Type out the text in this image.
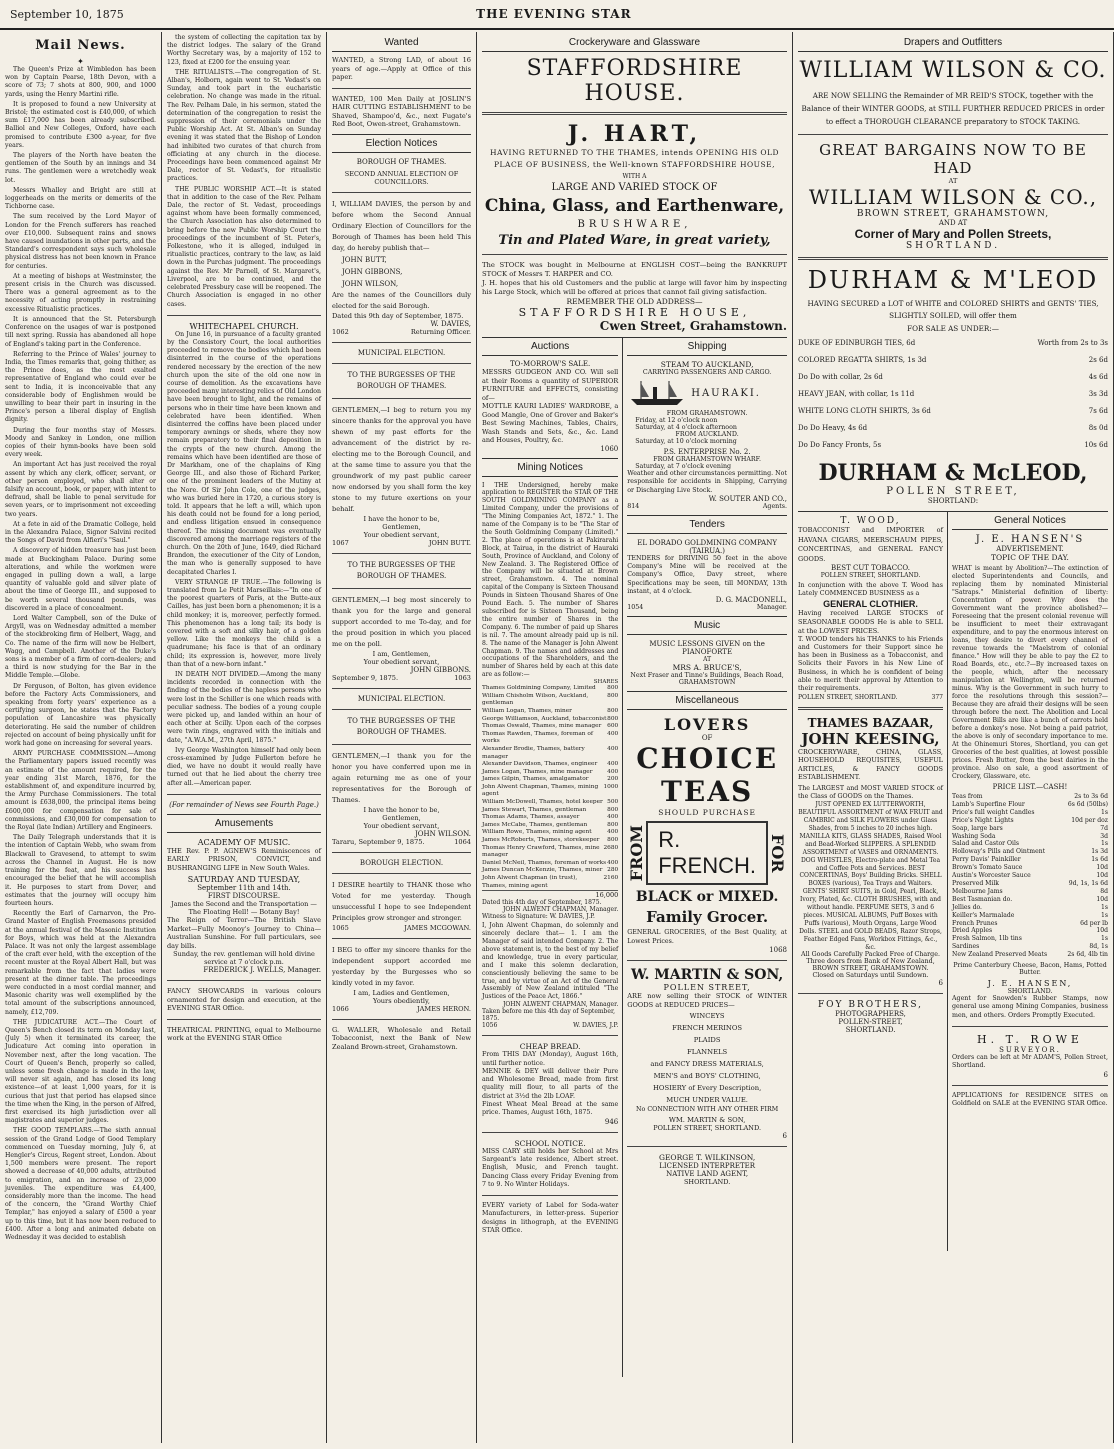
September 10, 1875	THE EVENING STAR
Mail News.
✦

The Queen's Prize at Wimbledon has been won by Captain Pearse, 18th Devon, with a score of 73; 7 shots at 800, 900, and 1000 yards, using the Henry Martini rifle.

It is proposed to found a new University at Bristol; the estimated cost is £40,000, of which sum £17,000 has been already subscribed. Balliol and New Colleges, Oxford, have each promised to contribute £300 a-year, for five years.

The players of the North have beaten the gentlemen of the South by an innings and 34 runs. The gentlemen were a wretchedly weak lot.

Messrs Whalley and Bright are still at loggerheads on the merits or demerits of the Tichborne case.

The sum received by the Lord Mayor of London for the French sufferers has reached over £10,000. Subsequent rains and snows have caused inundations in other parts, and the Standard's correspondent says such wholesale physical distress has not been known in France for centuries.

At a meeting of bishops at Westminster, the present crisis in the Church was discussed. There was a general agreement as to the necessity of acting promptly in restraining excessive Ritualistic practices.

It is announced that the St. Petersburgh Conference on the usages of war is postponed till next spring. Russia has abandoned all hope of England's taking part in the Conference.

Referring to the Prince of Wales' journey to India, the Times remarks that, going thither, as the Prince does, as the most exalted representative of England who could ever be sent to India, it is inconceivable that any considerable body of Englishmen would be unwilling to bear their part in insuring in the Prince's person a liberal display of English dignity.

During the four months stay of Messrs. Moody and Sankey in London, one million copies of their hymn-books have been sold every week.

An important Act has just received the royal assent by which any clerk, officer, servant, or other person employed, who shall alter or falsify an account, book, or paper, with intent to defraud, shall be liable to penal servitude for seven years, or to imprisonment not exceeding two years.

At a fete in aid of the Dramatic College, held in the Alexandra Palace, Signor Salvini recited the Songs of David from Alfieri's "Saul."

A discovery of hidden treasure has just been made at Buckingham Palace. During some alterations, and while the workmen were engaged in pulling down a wall, a large quantity of valuable gold and silver plate of about the time of George III., and supposed to be worth several thousand pounds, was discovered in a place of concealment.

Lord Walter Campbell, son of the Duke of Argyll, was on Wednesday admitted a member of the stockbroking firm of Helbert, Wagg, and Co. The name of the firm will now be Helbert, Wagg, and Campbell. Another of the Duke's sons is a member of a firm of corn-dealers; and a third is now studying for the Bar in the Middle Temple.—Globe.

Dr Ferguson, of Bolton, has given evidence before the Factory Acts Commissioners, and speaking from forty years' experience as a certifying surgeon, he states that the Factory population of Lancashire was physically deteriorating. He said the number of children rejected on account of being physically unfit for work had gone on increasing for several years.

ARMY PURCHASE COMMISSION.—Among the Parliamentary papers issued recently was an estimate of the amount required, for the year ending 31st March, 1876, for the establishment of, and expenditure incurred by, the Army Purchase Commissioners. The total amount is £638,000, the principal items being £600,000 for compensation for sale of commissions, and £30,000 for compensation to the Royal (late Indian) Artillery and Engineers.

The Daily Telegraph understands that it is the intention of Captain Webb, who swam from Blackwall to Gravesend, to attempt to swim across the Channel in August. He is now training for the feat, and his success has encouraged the belief that he will accomplish it. He purposes to start from Dover, and estimates that the journey will occupy him fourteen hours.

Recently the Earl of Carnarvon, the Pro-Grand Master of English Freemasons presided at the annual festival of the Masonic Institution for Boys, which was held at the Alexandra Palace. It was not only the largest assemblage of the craft ever held, with the exception of the recent muster at the Royal Albert Hall, but was remarkable from the fact that ladies were present at the dinner table. The proceedings were conducted in a most cordial manner, and Masonic charity was well exemplified by the total amount of the subscriptions announced, namely, £12,709.

THE JUDICATURE ACT.—The Court of Queen's Bench closed its term on Monday last, (July 5) when it terminated its career, the Judicature Act coming into operation in November next, after the long vacation. The Court of Queen's Bench, properly so called, unless some fresh change is made in the law, will never sit again, and has closed its long existence—of at least 1,000 years, for it is curious that just that period has elapsed since the time when the King, in the person of Alfred, first exercised its high jurisdiction over all magistrates and superior judges.

THE GOOD TEMPLARS.—The sixth annual session of the Grand Lodge of Good Templary commenced on Tuesday morning, July 6, at Hengler's Circus, Regent street, London. About 1,500 members were present. The report showed a decrease of 40,000 adults, attributed to emigration, and an increase of 23,000 juveniles. The expenditure was £4,400, considerably more than the income. The head of the concern, the "Grand Worthy Chief Templar," has enjoyed a salary of £500 a year up to this time, but it has now been reduced to £400. After a long and animated debate on Wednesday it was decided to establish

the system of collecting the capitation tax by the district lodges. The salary of the Grand Worthy Secretary was, by a majority of 152 to 123, fixed at £200 for the ensuing year.

THE RITUALISTS.—The congregation of St. Alban's, Holborn, again went to St. Vedast's on Sunday, and took part in the eucharistic celebration. No change was made in the ritual. The Rev. Pelham Dale, in his sermon, stated the determination of the congregation to resist the suppression of their ceremonials under the Public Worship Act. At St. Alban's on Sunday evening it was stated that the Bishop of London had inhibited two curates of that church from officiating at any church in the diocese. Proceedings have been commenced against Mr Dale, rector of St. Vedast's, for ritualistic practices.

THE PUBLIC WORSHIP ACT.—It is stated that in addition to the case of the Rev. Pelham Dale, the rector of St. Vedast, proceedings against whom have been formally commenced, the Church Association has also determined to bring before the new Public Worship Court the proceedings of the incumbent of St. Peter's, Folkestone, who it is alleged, indulged in ritualistic practices, contrary to the law, as laid down in the Purchas judgment. The proceedings against the Rev. Mr Parnell, of St. Margaret's, Liverpool, are to be continued, and the celebrated Pressbury case will be reopened. The Church Association is engaged in no other cases.

WHITECHAPEL CHURCH.

On June 16, in pursuance of a faculty granted by the Consistory Court, the local authorities proceeded to remove the bodies which had been disinterred in the course of the operations rendered necessary by the erection of the new church upon the site of the old one now in course of demolition. As the excavations have proceeded many interesting relics of Old London have been brought to light, and the remains of persons who in their time have been known and celebrated have been identified. When disinterred the coffins have been placed under temporary awnings or sheds, where they now remain preparatory to their final deposition in the crypts of the new church. Among the remains which have been identified are those of Dr Markham, one of the chaplains of King George III., and also those of Richard Parker, one of the prominent leaders of the Mutiny at the Nore. Of Sir John Cole, one of the judges, who was buried here in 1720, a curious story is told. It appears that he left a will, which upon his death could not be found for a long period, and endless litigation ensued in consequence thereof. The missing document was eventually discovered among the marriage registers of the church. On the 20th of June, 1649, died Richard Brandon, the executioner of the City of London, the man who is generally supposed to have decapitated Charles I.

VERY STRANGE IF TRUE.—The following is translated from Le Petit Marseillais:—"In one of the poorest quarters of Paris, at the Butte-aux Cailles, has just been born a phenomenon; it is a child monkey; it is, moreover, perfectly formed. This phenomenon has a long tail; its body is covered with a soft and silky hair, of a golden yellow. Like the monkeys the child is a quadrumane; his face is that of an ordinary child; its expression is, however, more lively than that of a new-born infant."

IN DEATH NOT DIVIDED.—Among the many incidents recorded in connection with the finding of the bodies of the hapless persons who were lost in the Schiller is one which reads with peculiar sadness. The bodies of a young couple were picked up, and landed within an hour of each other at Scilly. Upon each of the corpses were twin rings, engraved with the initials and date, "A.W.A.M., 27th April, 1875."

Ivy George Washington himself had only been cross-examined by Judge Fullerton before he died, we have no doubt it would really have turned out that he lied about the cherry tree after all.—American paper.

(For remainder of News see Fourth Page.)
Amusements
ACADEMY OF MUSIC.
THE Rev. P. P. AGNEW'S Reminiscences of EARLY PRISON, CONVICT, and BUSHRANGING LIFE in New South Wales.
SATURDAY AND TUESDAY,
September 11th and 14th.
FIRST DISCOURSE.
James the Second and the Transportation — The Floating Hell! — Botany Bay!
The Reign of Terror—The British Slave Market—Fully Moonoy's Journey to China—Australian Sunshine. For full particulars, see day bills.
Sunday, the rev. gentleman will hold divine service at 7 o'clock p.m.
FREDERICK J. WELLS, Manager.
FANCY SHOWCARDS in various colours ornamented for design and execution, at the EVENING STAR Office.
THEATRICAL PRINTING, equal to Melbourne work at the EVENING STAR Office
Wanted
WANTED, a Strong LAD, of about 16 years of age.—Apply at Office of this paper.
WANTED, 100 Men Daily at JOSLIN'S HAIR CUTTING ESTABLISHMENT to be Shaved, Shampoo'd, &c., next Fugate's Red Boot, Owen-street, Grahamstown.
Election Notices
BOROUGH OF THAMES.
SECOND ANNUAL ELECTION OF COUNCILLORS.
I, WILLIAM DAVIES, the person by and before whom the Second Annual Ordinary Election of Councillors for the Borough of Thames has been held This day, do hereby publish that—
JOHN BUTT,
JOHN GIBBONS,
JOHN WILSON,
Are the names of the Councillors duly elected for the said Borough.
Dated this 9th day of September, 1875.
W. DAVIES,
1062	Returning Officer.
MUNICIPAL ELECTION.
TO THE BURGESSES OF THE BOROUGH OF THAMES.
GENTLEMEN,—I beg to return you my sincere thanks for the approval you have shewn of my past efforts for the advancement of the district by re-electing me to the Borough Council, and at the same time to assure you that the groundwork of my past public career now endorsed by you shall form the key stone to my future exertions on your behalf.
I have the honor to be,
Gentlemen,
Your obedient servant,
1067	JOHN BUTT.
TO THE BURGESSES OF THE BOROUGH OF THAMES.
GENTLEMEN,—I beg most sincerely to thank you for the large and general support accorded to me To-day, and for the proud position in which you placed me on the poll.
I am, Gentlemen,
Your obedient servant,
JOHN GIBBONS.
September 9, 1875.	1063
MUNICIPAL ELECTION.
TO THE BURGESSES OF THE BOROUGH OF THAMES.
GENTLEMEN,—I thank you for the honor you have conferred upon me in again returning me as one of your representatives for the Borough of Thames.
I have the honor to be,
Gentlemen,
Your obedient servant,
JOHN WILSON.
Tararu, September 9, 1875.	1064
BOROUGH ELECTION.
I DESIRE heartily to THANK those who Voted for me yesterday. Though unsuccessful I hope to see Independent Principles grow stronger and stronger.
1065	JAMES MCGOWAN.
I BEG to offer my sincere thanks for the independent support accorded me yesterday by the Burgesses who so kindly voted in my favor.
I am, Ladies and Gentlemen,
Yours obediently,
1066	JAMES HERON.
G. WALLER, Wholesale and Retail Tobacconist, next the Bank of New Zealand Brown-street, Grahamstown.
Crockeryware and Glassware
STAFFORDSHIRE HOUSE.
J. HART,
HAVING RETURNED TO THE THAMES, intends OPENING HIS OLD PLACE OF BUSINESS, the Well-known STAFFORDSHIRE HOUSE,
WITH A
LARGE AND VARIED STOCK OF
China, Glass, and Earthenware,
BRUSHWARE,
Tin and Plated Ware, in great variety,
The STOCK was bought in Melbourne at ENGLISH COST—being the BANKRUPT STOCK of Messrs T. HARPER and CO.
J. H. hopes that his old Customers and the public at large will favor him by inspecting his Large Stock, which will be offered at prices that cannot fail giving satisfaction.
REMEMBER THE OLD ADDRESS—
STAFFORDSHIRE HOUSE,
Cwen Street, Grahamstown.
Auctions
TO-MORROW'S SALE.
MESSRS GUDGEON AND CO. Will sell at their Rooms a quantity of SUPERIOR FURNITURE and EFFECTS, consisting of—
MOTTLE KAURI LADIES' WARDROBE, a Good Mangle, One of Grover and Baker's Best Sewing Machines, Tables, Chairs, Wash Stands and Sets, &c., &c. Land and Houses, Poultry, &c.
1060
Mining Notices
I THE Undersigned, hereby make application to REGISTER the STAR OF THE SOUTH GOLDMINING COMPANY as a Limited Company, under the provisions of "The Mining Companies Act, 1872." 1. The name of the Company is to be "The Star of the South Goldmining Company (Limited)." 2. The place of operations is at Pakirarahi Block, at Tairua, in the district of Hauraki South, Province of Auckland, and Colony of New Zealand. 3. The Registered Office of the Company will be situated at Brown street, Grahamstown. 4. The nominal capital of the Company is Sixteen Thousand Pounds in Sixteen Thousand Shares of One Pound Each. 5. The number of Shares subscribed for is Sixteen Thousand, being the entire number of Shares in the Company. 6. The number of paid up Shares is nil. 7. The amount already paid up is nil. 8. The name of the Manager is John Alwent Chapman. 9. The names and addresses and occupations of the Shareholders, and the number of Shares held by each at this date are as follow:—
SHARES
Thames Goldmining Company, Limited 800
William Chisholm Wilson, Auckland, gentleman
800
William Logan, Thames, miner	800
George Williamson, Auckland, tobacconist 800
Thomas Oswald, Thames, mine manager 600
Thomas Rawden, Thames, foreman of works
400
Alexander Brodie, Thames, battery manager
400
Alexander Davidson, Thames, engineer 400
James Logan, Thames, mine manager	400
James Gilpin, Thames, amalgamator	200
John Alwent Chapman, Thames, mining agent
1000
William McDowell, Thames, hotel keeper 500
James Stewart, Thames, gentleman	800
Thomas Adams, Thames, assayer	400
James McCabe, Thames, gentleman	800
William Rowe, Thames, mining agent	400
James McRoberts, Thames, storekeeper 800
Thomas Henry Crawford, Thames, mine manager
2680
Daniel McNeil, Thames, foreman of works 400
James Duncan McKenzie, Thames, miner 280
John Alwent Chapman (in trust), Thames, mining agent
2160
16,000
Dated this 4th day of September, 1875.
JOHN ALWENT CHAPMAN, Manager.
Witness to Signature: W. DAVIES, J.P.
I, John Alwent Chapman, do solemnly and sincerely declare that— 1. I am the Manager of said intended Company. 2. The above statement is, to the best of my belief and knowledge, true in every particular, and I make this solemn declaration, conscientiously believing the same to be true, and by virtue of an Act of the General Assembly of New Zealand intituled "The Justices of the Peace Act, 1866."
JOHN ALWENT CHAPMAN, Manager.
Taken before me this 4th day of September, 1875.
1056	W. DAVIES, J.P.
CHEAP BREAD.
From THIS DAY (Monday), August 16th, until further notice.
MENNIE & DEY will deliver their Pure and Wholesome Bread, made from first quality mill flour, to all parts of the district at 3½d the 2lb LOAF.
Finest Wheat Meal Bread at the same price. Thames, August 16th, 1875.
946
SCHOOL NOTICE.
MISS CARY still holds her School at Mrs Sargeant's late residence, Albert street. English, Music, and French taught. Dancing Class every Friday Evening from 7 to 9. No Winter Holidays.
EVERY variety of Label for Soda-water Manufacturers, in letter-press. Superior designs in lithograph, at the EVENING STAR Office.
Shipping
STEAM TO AUCKLAND,
CARRYING PASSENGERS AND CARGO.
HAURAKI.
FROM GRAHAMSTOWN.
Friday, at 12 o'clock noon
Saturday, at 4 o'clock afternoon
FROM AUCKLAND.
Saturday, at 10 o'clock morning
P.S. ENTERPRISE No. 2.
FROM GRAHAMSTOWN WHARF.
Saturday, at 7 o'clock evening
Weather and other circumstances permitting. Not responsible for accidents in Shipping, Carrying or Discharging Live Stock.
W. SOUTER AND CO.,
814	Agents.
Tenders
EL DORADO GOLDMINING COMPANY (TAIRUA.)
TENDERS for DRIVING 50 feet in the above Company's Mine will be received at the Company's Office, Davy street, where Specifications may be seen, till MONDAY, 13th instant, at 4 o'clock.
D. G. MACDONELL,
1054	Manager.
Music
MUSIC LESSONS GIVEN on the PIANOFORTE
AT
MRS A. BRUCE'S,
Next Fraser and Tinne's Buildings, Beach Road, GRAHAMSTOWN
Miscellaneous
LOVERS
OF
CHOICE TEAS
SHOULD PURCHASE
FROM R. FRENCH. FOR
BLACK or MIXED.
Family Grocer.
GENERAL GROCERIES, of the Best Quality, at Lowest Prices.
1068
W. MARTIN & SON,
POLLEN STREET,
ARE now selling their STOCK of WINTER GOODS at REDUCED PRICES—
WINCEYS
FRENCH MERINOS
PLAIDS
FLANNELS
and FANCY DRESS MATERIALS,
MEN'S and BOYS' CLOTHING,
HOSIERY of Every Description,
MUCH UNDER VALUE.
No CONNECTION WITH ANY OTHER FIRM
WM. MARTIN & SON,
POLLEN STREET, SHORTLAND.
6
GEORGE T. WILKINSON,
LICENSED INTERPRETER
NATIVE LAND AGENT,
SHORTLAND.
Drapers and Outfitters
WILLIAM WILSON & CO.
ARE NOW SELLING the Remainder of MR REID'S STOCK, together with the Balance of their WINTER GOODS, at STILL FURTHER REDUCED PRICES in order to effect a THOROUGH CLEARANCE preparatory to STOCK TAKING.
GREAT BARGAINS NOW TO BE HAD
AT
WILLIAM WILSON & CO.,
BROWN STREET, GRAHAMSTOWN,
AND AT
Corner of Mary and Pollen Streets,
SHORTLAND.
DURHAM & M'LEOD
HAVING SECURED a LOT of WHITE and COLORED SHIRTS and GENTS' TIES, SLIGHTLY SOILED, will offer them
FOR SALE AS UNDER:—
DUKE OF EDINBURGH TIES, 6d	Worth from 2s to 3s
COLORED REGATTA SHIRTS, 1s 3d	2s 6d
Do Do with collar, 2s 6d	4s 6d
HEAVY JEAN, with collar, 1s 11d	3s 3d
WHITE LONG CLOTH SHIRTS, 3s 6d	7s 6d
Do Do Heavy, 4s 6d	8s 0d
Do Do Fancy Fronts, 5s	10s 6d
DURHAM & McLEOD,
POLLEN STREET,
SHORTLAND:
T. WOOD,
TOBACCONIST and IMPORTER of HAVANA CIGARS, MEERSCHAUM PIPES, CONCERTINAS, and GENERAL FANCY GOODS.
BEST CUT TOBACCO.
POLLEN STREET, SHORTLAND.
In conjunction with the above T. Wood has Lately COMMENCED BUSINESS as a
GENERAL CLOTHIER.
Having received LARGE STOCKS of SEASONABLE GOODS He is able to SELL at the LOWEST PRICES.
T. WOOD tenders his THANKS to his Friends and Customers for their Support since he has been in Business as a Tobacconist, and Solicits their Favors in his New Line of Business, in which he is confident of being able to merit their approval by Attention to their requirements.
POLLEN STREET, SHORTLAND.	377
THAMES BAZAAR,
JOHN KEESING,
CROCKERYWARE, CHINA, GLASS, HOUSEHOLD REQUISITES, USEFUL ARTICLES, & FANCY GOODS ESTABLISHMENT.
The LARGEST and MOST VARIED STOCK of the Class of GOODS on the Thames.
JUST OPENED EX LUTTERWORTH, BEAUTIFUL ASSORTMENT of WAX FRUIT and CAMBRIC and SILK FLOWERS under Glass Shades, from 5 inches to 20 inches high. MANILLA KITS, GLASS SHADES, Raised Wool and Bead-Worked SLIPPERS. A SPLENDID ASSORTMENT of VASES and ORNAMENTS. DOG WHISTLES, Electro-plate and Metal Tea and Coffee Pots and Services. BEST CONCERTINAS, Boys' Building Bricks. SHELL BOXES (various), Tea Trays and Waiters. GENTS' SHIRT SUITS, in Gold, Pearl, Black, Ivory, Plated, &c. CLOTH BRUSHES, with and without handle. PERFUME SETS, 3 and 6 pieces. MUSICAL ALBUMS, Puff Boxes with Puffs (various), Mouth Organs, Large Wood Dolls. STEEL and GOLD BEADS, Razor Strops, Feather Edged Fans, Workbox Fittings, &c., &c.
All Goods Carefully Packed Free of Charge.
Three doors from Bank of New Zealand, BROWN STREET, GRAHAMSTOWN.
Closed on Saturdays until Sundown.
6
FOY BROTHERS,
PHOTOGRAPHERS,
POLLEN-STREET,
SHORTLAND.
General Notices
J. E. HANSEN'S
ADVERTISEMENT.
TOPIC OF THE DAY.
WHAT is meant by Abolition?—The extinction of elected Superintendents and Councils, and replacing them by nominated Ministerial "Satraps." Ministerial definition of liberty: Concentration of power. Why does the Government want the province abolished?—Foreseeing that the present colonial revenue will be insufficient to meet their extravagant expenditure, and to pay the enormous interest on loans, they desire to divert every channel of revenue towards the "Maelstrom of colonial finance." How will they be able to pay the £2 to Road Boards, etc., etc.?—By increased taxes on the people, which, after the necessary manipulation at Wellington, will be returned minus. Why is the Government in such hurry to force the resolutions through this session?—Because they are afraid their designs will be seen through before the next. The Abolition and Local Government Bills are like a bunch of carrots held before a donkey's nose. Not being a paid patriot, the above is only of secondary importance to me. At the Ohinemuri Stores, Shortland, you can get Groceries of the best qualities, at lowest possible prices. Fresh Butter, from the best dairies in the province. Also on sale, a good assortment of Crockery, Glassware, etc.
PRICE LIST.—CASH!
Teas from	2s to 3s 6d
Lamb's Superfine Flour	6s 6d (50lbs)
Price's full weight Candles	1s
Price's Night Lights	10d per doz
Soap, large bars	7d
Washing Soda	3d
Salad and Castor Oils	1s
Holloway's Pills and Ointment	1s 3d
Perry Davis' Painkiller	1s 6d
Brown's Tomato Sauce	10d
Austin's Worcester Sauce	10d
Preserved Milk	9d, 1s, 1s 6d
Melbourne Jams	8d
Best Tasmanian do.	10d
Jellies do.	1s
Keiller's Marmalade	1s
French Prunes	6d per lb
Dried Apples	10d
Fresh Salmon, 1lb tins	1s
Sardines	8d, 1s
New Zealand Preserved Meats	2s 6d, 4lb tin
Prime Canterbury Cheese, Bacon, Hams, Potted Butter.
J. E. HANSEN,
SHORTLAND.
Agent for Snowden's Rubber Stamps, now general use among Mining Companies, business men, and others. Orders Promptly Executed.
H. T. ROWE
SURVEYOR.
Orders can be left at Mr ADAM'S, Pollen Street, Shortland.
6
APPLICATIONS for RESIDENCE SITES on Goldfield on SALE at the EVENING STAR Office.
